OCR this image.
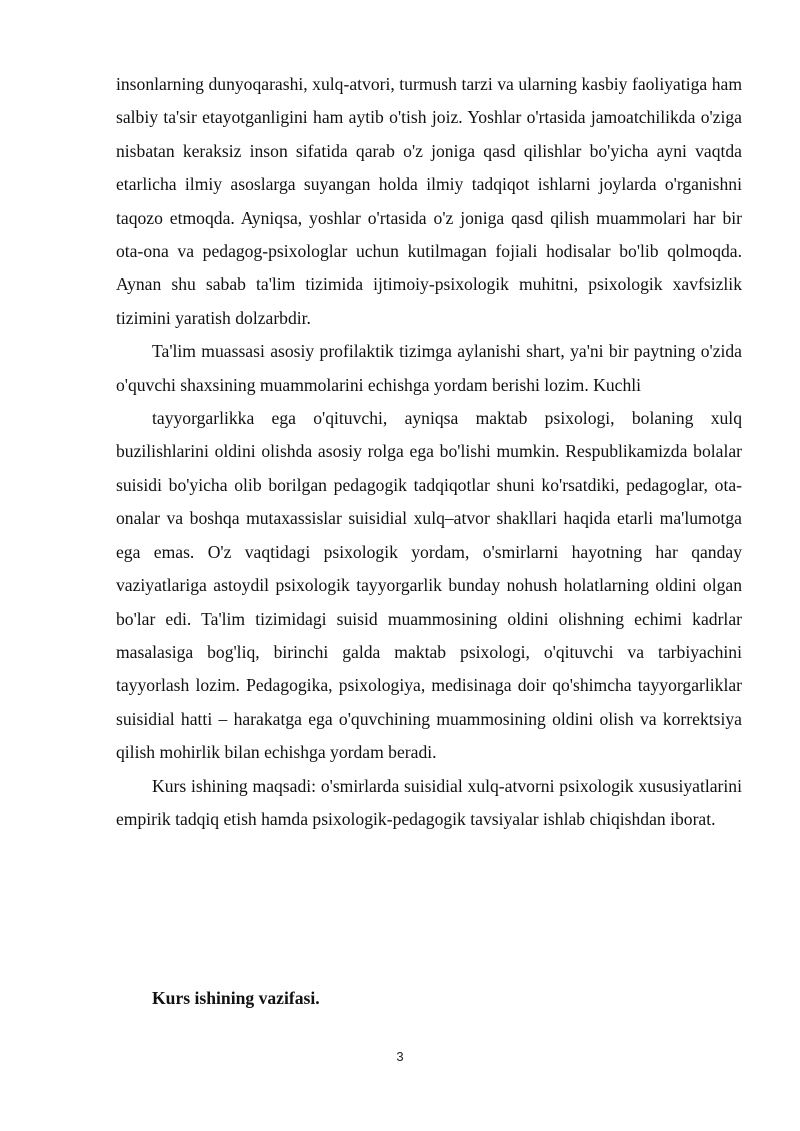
insonlarning dunyoqarashi, xulq-atvori, turmush tarzi va ularning kasbiy faoliyatiga ham salbiy ta'sir etayotganligini ham aytib o'tish joiz. Yoshlar o'rtasida jamoatchilikda o'ziga nisbatan keraksiz inson sifatida qarab o'z joniga qasd qilishlar bo'yicha ayni vaqtda etarlicha ilmiy asoslarga suyangan holda ilmiy tadqiqot ishlarni joylarda o'rganishni taqozo etmoqda. Ayniqsa, yoshlar o'rtasida o'z joniga qasd qilish muammolari har bir ota-ona va pedagog-psixologlar uchun kutilmagan fojiali hodisalar bo'lib qolmoqda. Aynan shu sabab ta'lim tizimida ijtimoiy-psixologik muhitni, psixologik xavfsizlik tizimini yaratish dolzarbdir.

Ta'lim muassasi asosiy profilaktik tizimga aylanishi shart, ya'ni bir paytning o'zida o'quvchi shaxsining muammolarini echishga yordam berishi lozim. Kuchli

tayyorgarlikka ega o'qituvchi, ayniqsa maktab psixologi, bolaning xulq buzilishlarini oldini olishda asosiy rolga ega bo'lishi mumkin. Respublikamizda bolalar suisidi bo'yicha olib borilgan pedagogik tadqiqotlar shuni ko'rsatdiki, pedagoglar, ota-onalar va boshqa mutaxassislar suisidial xulq–atvor shakllari haqida etarli ma'lumotga ega emas. O'z vaqtidagi psixologik yordam, o'smirlarni hayotning har qanday vaziyatlariga astoydil psixologik tayyorgarlik bunday nohush holatlarning oldini olgan bo'lar edi. Ta'lim tizimidagi suisid muammosining oldini olishning echimi kadrlar masalasiga bog'liq, birinchi galda maktab psixologi, o'qituvchi va tarbiyachini tayyorlash lozim. Pedagogika, psixologiya, medisinaga doir qo'shimcha tayyorgarliklar suisidial hatti – harakatga ega o'quvchining muammosining oldini olish va korrektsiya qilish mohirlik bilan echishga yordam beradi.

Kurs ishining maqsadi: o'smirlarda suisidial xulq-atvorni psixologik xususiyatlarini empirik tadqiq etish hamda psixologik-pedagogik tavsiyalar ishlab chiqishdan iborat.

Kurs ishining vazifasi.

3
